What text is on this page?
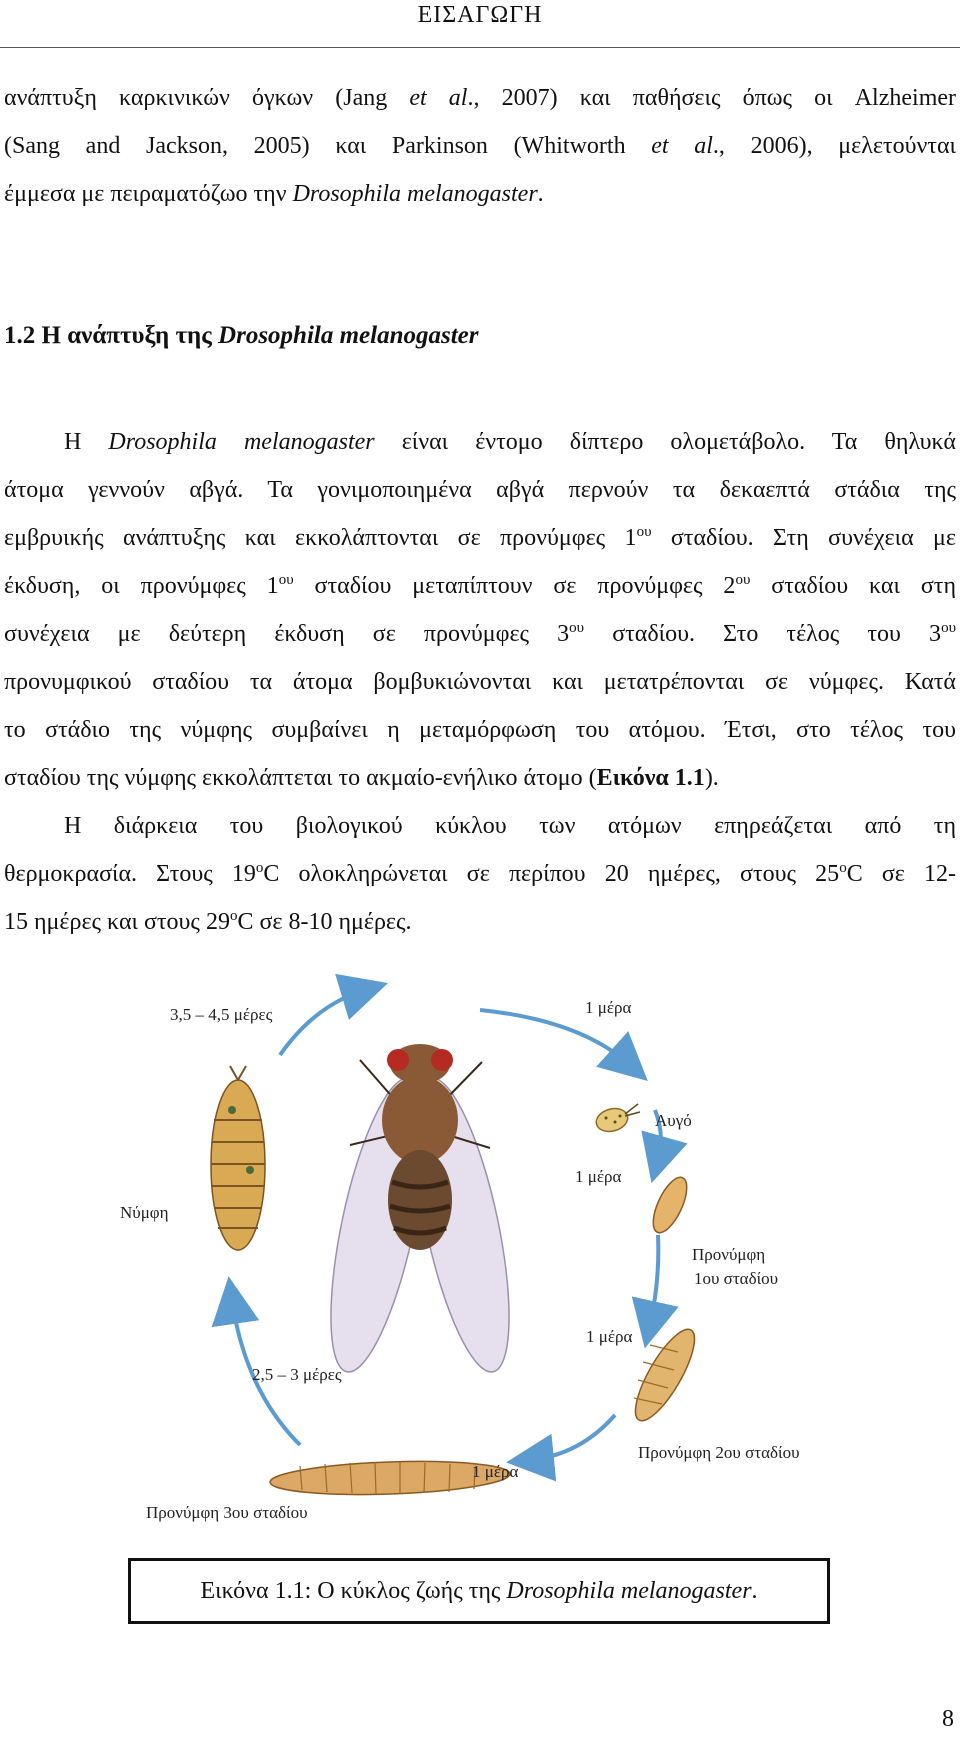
ΕΙΣΑΓΩΓΗ
ανάπτυξη καρκινικών όγκων (Jang et al., 2007) και παθήσεις όπως οι Alzheimer
(Sang and Jackson, 2005) και Parkinson (Whitworth et al., 2006), μελετούνται
έμμεσα με πειραματόζωο την Drosophila melanogaster.
1.2 Η ανάπτυξη της Drosophila melanogaster
Η Drosophila melanogaster είναι έντομο δίπτερο ολομετάβολο. Τα θηλυκά
άτομα γεννούν αβγά. Τα γονιμοποιημένα αβγά περνούν τα δεκαεπτά στάδια της
εμβρυικής ανάπτυξης και εκκολάπτονται σε προνύμφες $1^{o\upsilon}$ σταδίου. Στη συνέχεια με
έκδυση, οι προνύμφες $1^{o\upsilon}$ σταδίου μεταπίπτουν σε προνύμφες $2^{o\upsilon}$ σταδίου και στη
συνέχεια με δεύτερη έκδυση σε προνύμφες $3^{o\upsilon}$ σταδίου. Στο τέλος του $3^{o\upsilon}$
προνυμφικού σταδίου τα άτομα βομβυκιώνονται και μετατρέπονται σε νύμφες. Κατά
το στάδιο της νύμφης συμβαίνει η μεταμόρφωση του ατόμου. Έτσι, στο τέλος του
σταδίου της νύμφης εκκολάπτεται το ακμαίο-ενήλικο άτομο (Εικόνα 1.1).
Η διάρκεια του βιολογικού κύκλου των ατόμων επηρεάζεται από τη
θερμοκρασία. Στους $19^oC$ ολοκληρώνεται σε περίπου 20 ημέρες, στους $25^oC$ σε 12-
15 ημέρες και στους $29^oC$ σε 8-10 ημέρες.
3,5 – 4,5 μέρες	1 μέρα
Αυγό
1 μέρα
Προνύμφη
1ου σταδίου
1 μέρα
Προνύμφη 2ου σταδίου
1 μέρα
Προνύμφη 3ου σταδίου
2,5 – 3 μέρες
Νύμφη
Εικόνα 1.1: Ο κύκλος ζωής της Drosophila melanogaster.
8
